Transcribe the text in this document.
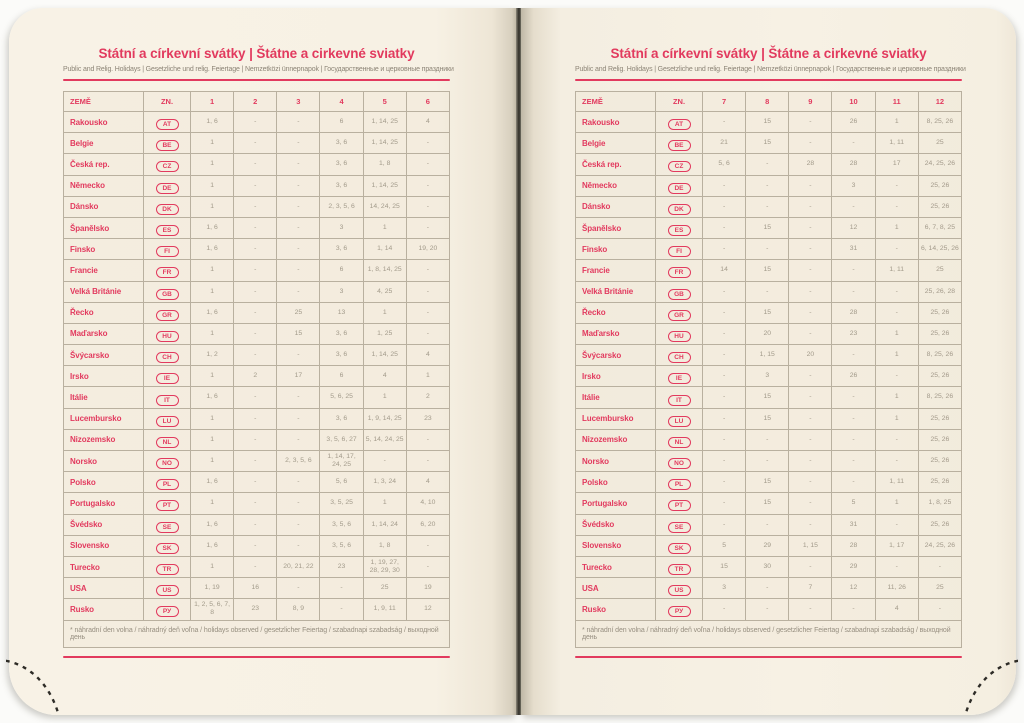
Státní a církevní svátky | Štátne a cirkevné sviatky
Public and Relig. Holidays | Gesetzliche und relig. Feiertage | Nemzetközi ünnepnapok | Государственные и церковные праздники
ZEMĚ	ZN.	1	2	3	4	5	6
Rakousko	AT	1, 6	-	-	6	1, 14, 25	4
Belgie	BE	1	-	-	3, 6	1, 14, 25	-
Česká rep.	CZ	1	-	-	3, 6	1, 8	-
Německo	DE	1	-	-	3, 6	1, 14, 25	-
Dánsko	DK	1	-	-	2, 3, 5, 6	14, 24, 25	-
Španělsko	ES	1, 6	-	-	3	1	-
Finsko	FI	1, 6	-	-	3, 6	1, 14	19, 20
Francie	FR	1	-	-	6	1, 8, 14, 25	-
Velká Británie	GB	1	-	-	3	4, 25	-
Řecko	GR	1, 6	-	25	13	1	-
Maďarsko	HU	1	-	15	3, 6	1, 25	-
Švýcarsko	CH	1, 2	-	-	3, 6	1, 14, 25	4
Irsko	IE	1	2	17	6	4	1
Itálie	IT	1, 6	-	-	5, 6, 25	1	2
Lucembursko	LU	1	-	-	3, 6	1, 9, 14, 25	23
Nizozemsko	NL	1	-	-	3, 5, 6, 27	5, 14, 24, 25	-
Norsko	NO	1	-	2, 3, 5, 6	1, 14, 17, 24, 25	-	-
Polsko	PL	1, 6	-	-	5, 6	1, 3, 24	4
Portugalsko	PT	1	-	-	3, 5, 25	1	4, 10
Švédsko	SE	1, 6	-	-	3, 5, 6	1, 14, 24	6, 20
Slovensko	SK	1, 6	-	-	3, 5, 6	1, 8	-
Turecko	TR	1	-	20, 21, 22	23	1, 19, 27, 28, 29, 30	-
USA	US	1, 19	16	-	-	25	19
Rusko	РУ	1, 2, 5, 6, 7, 8	23	8, 9	-	1, 9, 11	12
* náhradní den volna / náhradný deň voľna / holidays observed / gesetzlicher Feiertag / szabadnapi szabadság / выходной день							
Státní a církevní svátky | Štátne a cirkevné sviatky
Public and Relig. Holidays | Gesetzliche und relig. Feiertage | Nemzetközi ünnepnapok | Государственные и церковные праздники
ZEMĚ	ZN.	7	8	9	10	11	12
Rakousko	AT	-	15	-	26	1	8, 25, 26
Belgie	BE	21	15	-	-	1, 11	25
Česká rep.	CZ	5, 6	-	28	28	17	24, 25, 26
Německo	DE	-	-	-	3	-	25, 26
Dánsko	DK	-	-	-	-	-	25, 26
Španělsko	ES	-	15	-	12	1	6, 7, 8, 25
Finsko	FI	-	-	-	31	-	6, 14, 25, 26
Francie	FR	14	15	-	-	1, 11	25
Velká Británie	GB	-	-	-	-	-	25, 26, 28
Řecko	GR	-	15	-	28	-	25, 26
Maďarsko	HU	-	20	-	23	1	25, 26
Švýcarsko	CH	-	1, 15	20	-	1	8, 25, 26
Irsko	IE	-	3	-	26	-	25, 26
Itálie	IT	-	15	-	-	1	8, 25, 26
Lucembursko	LU	-	15	-	-	1	25, 26
Nizozemsko	NL	-	-	-	-	-	25, 26
Norsko	NO	-	-	-	-	-	25, 26
Polsko	PL	-	15	-	-	1, 11	25, 26
Portugalsko	PT	-	15	-	5	1	1, 8, 25
Švédsko	SE	-	-	-	31	-	25, 26
Slovensko	SK	5	29	1, 15	28	1, 17	24, 25, 26
Turecko	TR	15	30	-	29	-	-
USA	US	3	-	7	12	11, 26	25
Rusko	РУ	-	-	-	-	4	-
* náhradní den volna / náhradný deň voľna / holidays observed / gesetzlicher Feiertag / szabadnapi szabadság / выходной день							
